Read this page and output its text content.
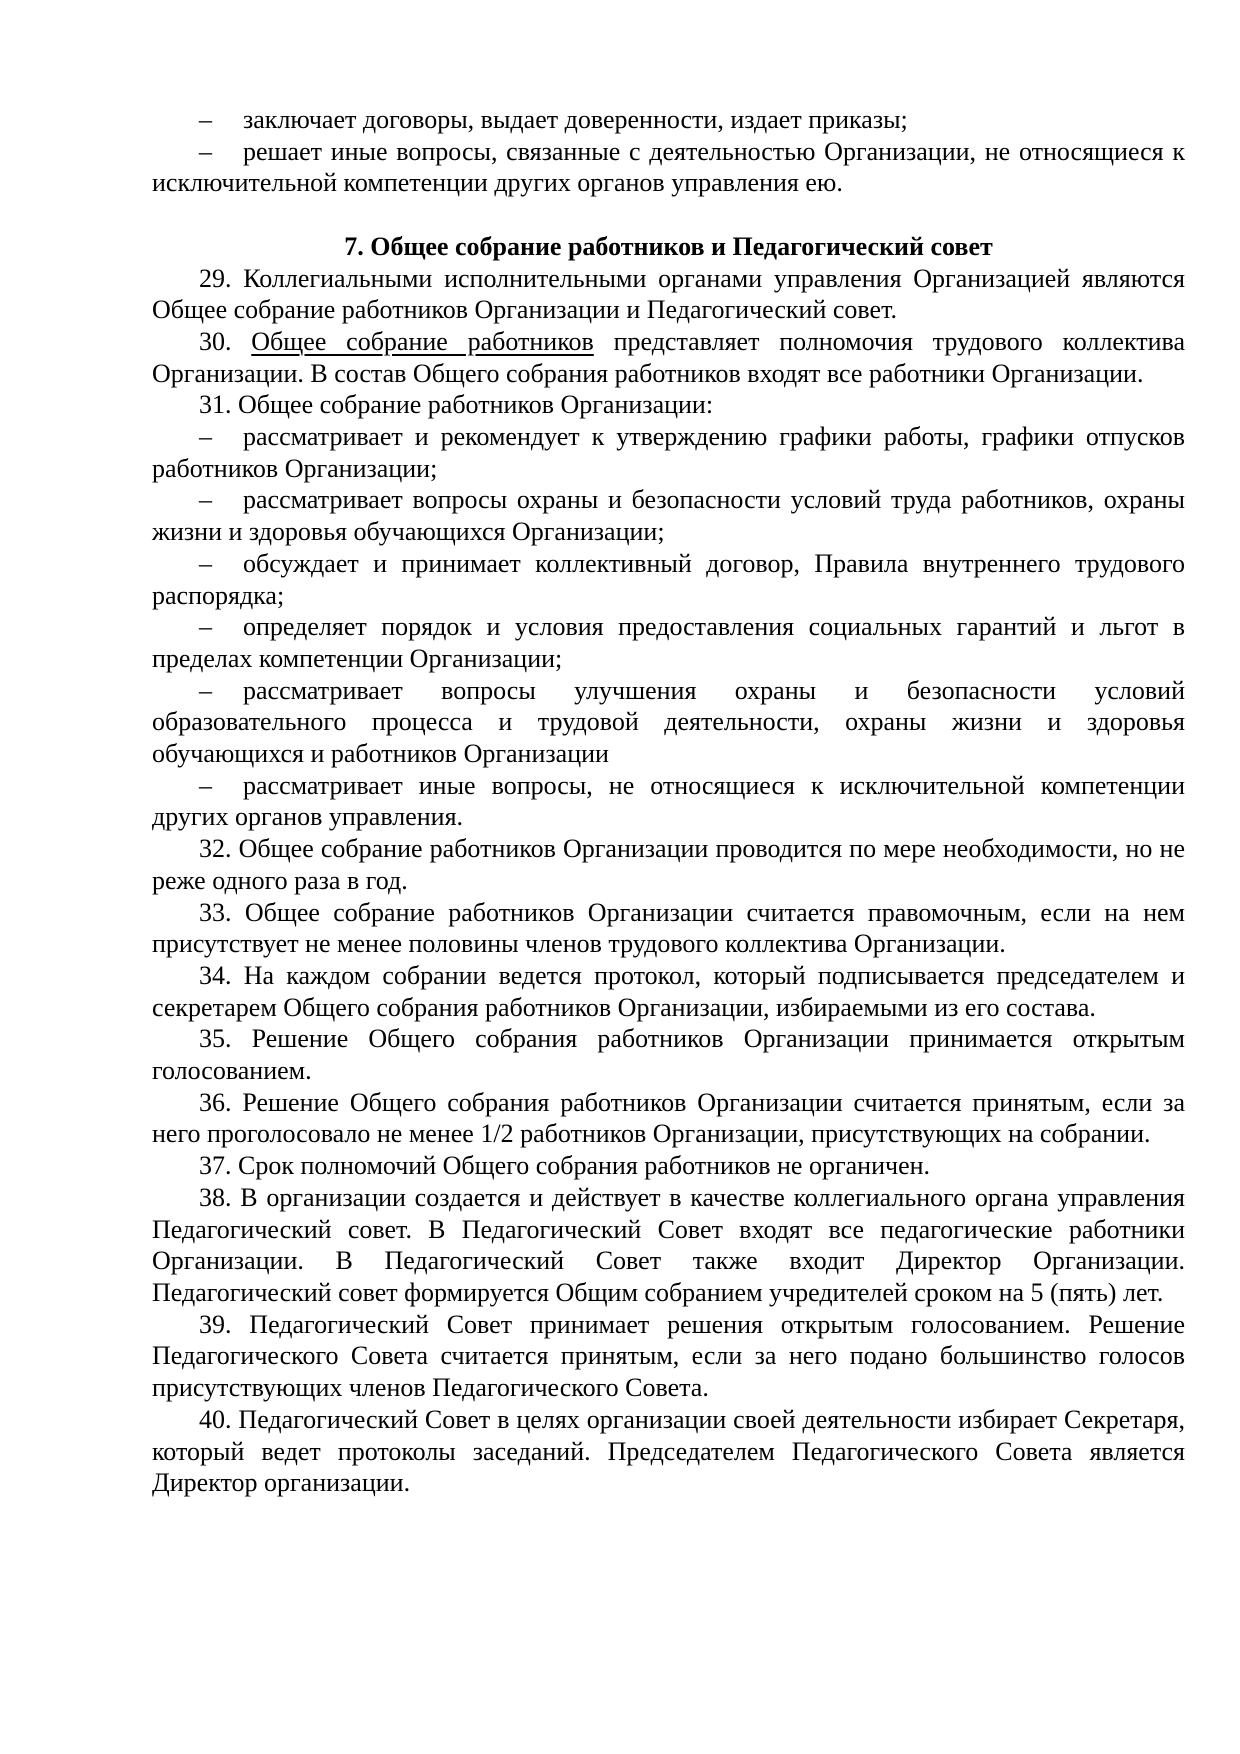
– заключает договоры, выдает доверенности, издает приказы;

– решает иные вопросы, связанные с деятельностью Организации, не относящиеся к исключительной компетенции других органов управления ею.

7. Общее собрание работников и Педагогический совет

29. Коллегиальными исполнительными органами управления Организацией являются Общее собрание работников Организации и Педагогический совет.

30. Общее собрание работников представляет полномочия трудового коллектива Организации. В состав Общего собрания работников входят все работники Организации.

31. Общее собрание работников Организации:

– рассматривает и рекомендует к утверждению графики работы, графики отпусков работников Организации;

– рассматривает вопросы охраны и безопасности условий труда работников, охраны жизни и здоровья обучающихся Организации;

– обсуждает и принимает коллективный договор, Правила внутреннего трудового распорядка;

– определяет порядок и условия предоставления социальных гарантий и льгот в пределах компетенции Организации;

– рассматривает вопросы улучшения охраны и безопасности условий образовательного процесса и трудовой деятельности, охраны жизни и здоровья обучающихся и работников Организации

– рассматривает иные вопросы, не относящиеся к исключительной компетенции других органов управления.

32. Общее собрание работников Организации проводится по мере необходимости, но не реже одного раза в год.

33. Общее собрание работников Организации считается правомочным, если на нем присутствует не менее половины членов трудового коллектива Организации.

34. На каждом собрании ведется протокол, который подписывается председателем и секретарем Общего собрания работников Организации, избираемыми из его состава.

35. Решение Общего собрания работников Организации принимается открытым голосованием.

36. Решение Общего собрания работников Организации считается принятым, если за него проголосовало не менее 1/2 работников Организации, присутствующих на собрании.

37. Срок полномочий Общего собрания работников не органичен.

38. В организации создается и действует в качестве коллегиального органа управления Педагогический совет. В Педагогический Совет входят все педагогические работники Организации. В Педагогический Совет также входит Директор Организации. Педагогический совет формируется Общим собранием учредителей сроком на 5 (пять) лет.

39. Педагогический Совет принимает решения открытым голосованием. Решение Педагогического Совета считается принятым, если за него подано большинство голосов присутствующих членов Педагогического Совета.

40. Педагогический Совет в целях организации своей деятельности избирает Секретаря, который ведет протоколы заседаний. Председателем Педагогического Совета является Директор организации.
